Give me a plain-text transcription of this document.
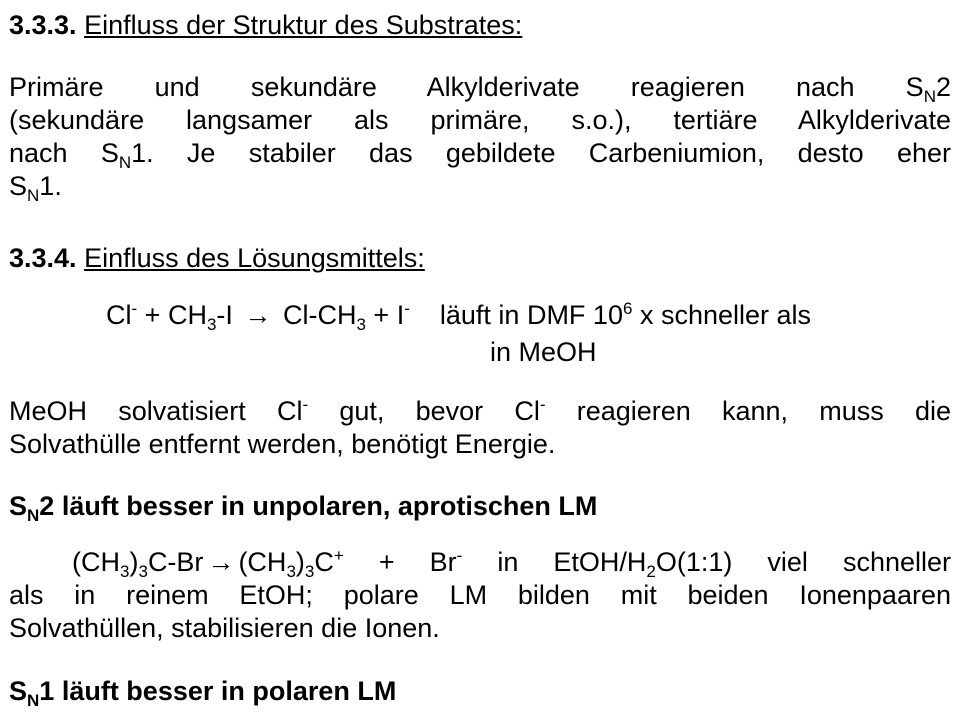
3.3.3. Einfluss der Struktur des Substrates:
Primäre und sekundäre Alkylderivate reagieren nach $S_N2$
(sekundäre langsamer als primäre, s.o.), tertiäre Alkylderivate
nach $S_N1$. Je stabiler das gebildete Carbeniumion, desto eher
$S_N1$.
3.3.4. Einfluss des Lösungsmittels:
$Cl^- + CH_3-I \to Cl-CH_3 + I^-$ läuft in DMF $10^6$ x schneller als
in MeOH
MeOH solvatisiert Cl- gut, bevor Cl- reagieren kann, muss die
Solvathülle entfernt werden, benötigt Energie.
$S_N2$ läuft besser in unpolaren, aprotischen LM
$(CH_3)_3C-Br \to (CH_3)_3C^+ + Br^-$ in EtOH/$H_2O(1:1)$ viel schneller
als in reinem EtOH; polare LM bilden mit beiden Ionenpaaren
Solvathüllen, stabilisieren die Ionen.
$S_N1$ läuft besser in polaren LM
